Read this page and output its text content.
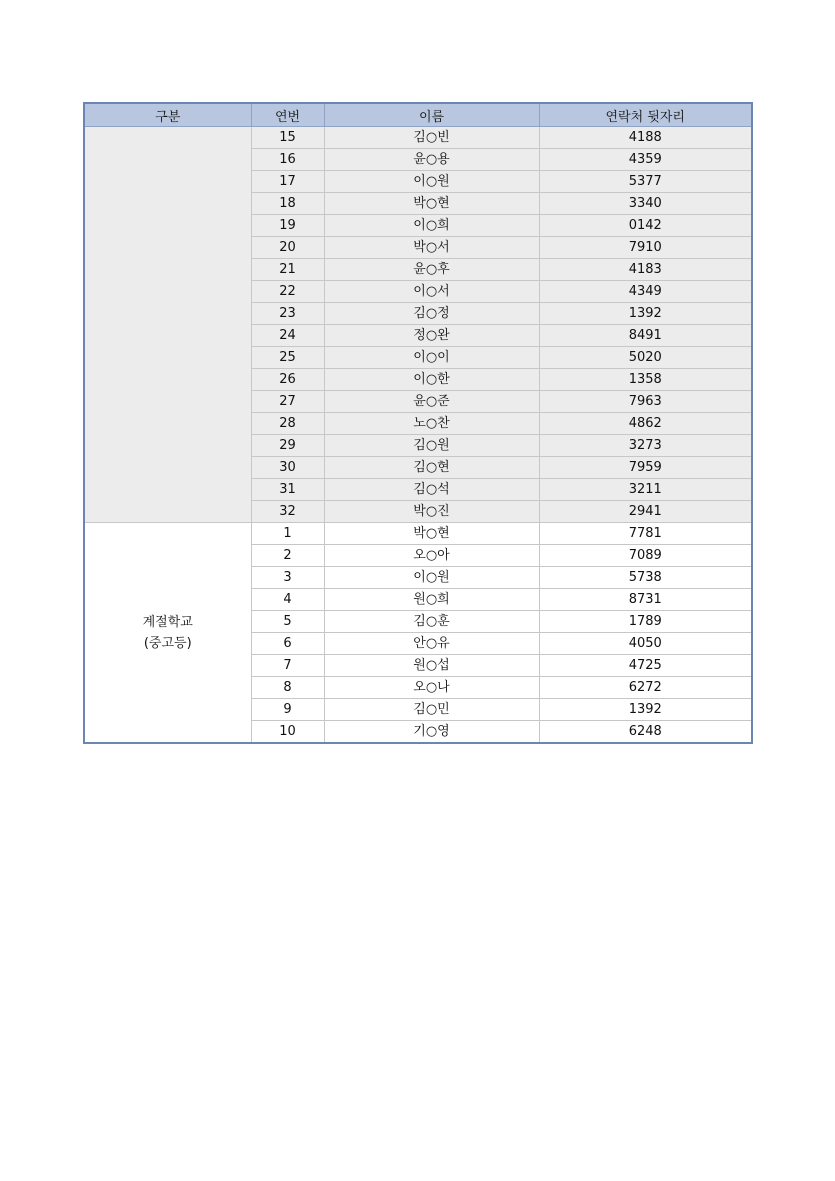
구분	연번	이름	연락처 뒷자리

	15	김○빈	4188
	16	윤○용	4359
	17	이○원	5377
	18	박○현	3340
	19	이○희	0142
	20	박○서	7910
	21	윤○후	4183
	22	이○서	4349
	23	김○정	1392
	24	정○완	8491
	25	이○이	5020
	26	이○한	1358
	27	윤○준	7963
	28	노○찬	4862
	29	김○원	3273
	30	김○현	7959
	31	김○석	3211
	32	박○진	2941

계절학교
(중고등)	1	박○현	7781
	2	오○아	7089
	3	이○원	5738
	4	원○희	8731
	5	김○훈	1789
	6	안○유	4050
	7	원○섭	4725
	8	오○나	6272
	9	김○민	1392
	10	기○영	6248
